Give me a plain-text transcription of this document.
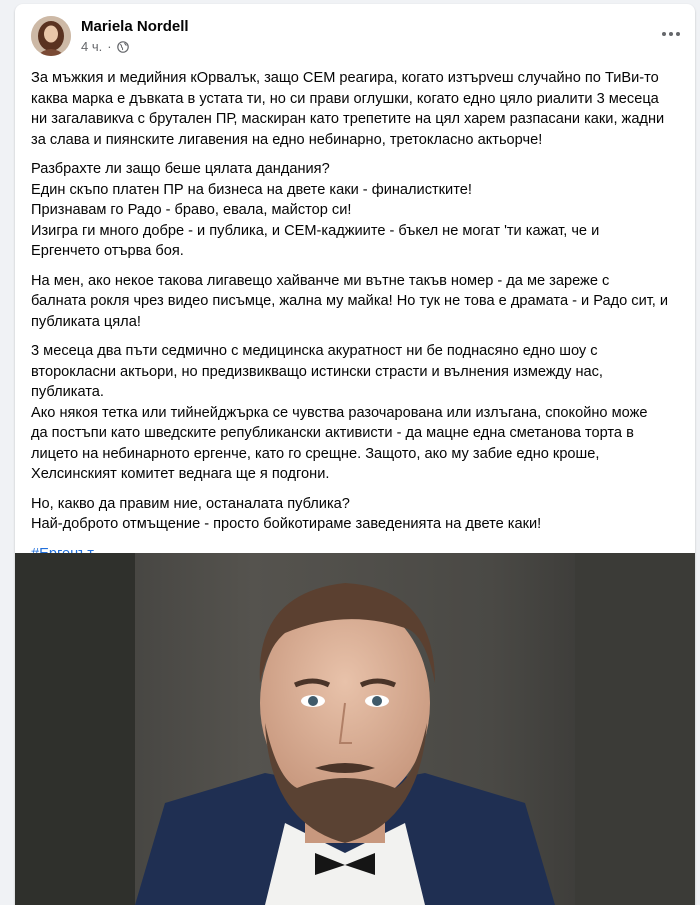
Mariela Nordell
4 ч. ·
За мъжкия и медийния кОрвалък, защо СЕМ реагира, когато изтърveш случайно по ТиВи-то
каква марка е дъвката в устата ти, но си прави оглушки, когато едно цяло риалити 3 месеца
ни загалавикva с брутален ПР, маскиран като трепетите на цял харем разпасани каки, жадни
за слава и пиянските лигавения на едно небинарно, третокласно актьорче!
Разбрахте ли защо беше цялата дандания?
Един скъпо платен ПР на бизнеса на двете каки - финалистките!
Признавам го Радо - браво, евала, майстор си!
Изигра ги много добре - и публика, и СЕМ-каджиите - бъкел не могат 'ти кажат, че и
Ергенчето отърва боя.
На мен, ако некое такова лигавещо хайванче ми вътне такъв номер - да ме зареже с
балната рокля чрез видео писъмце, жална му майка! Но тук не това е драмата - и Радо сит, и
публиката цяла!
3 месеца два пъти седмично с медицинска акуратност ни бе поднасяно едно шоу с
второкласни актьори, но предизвикващо истински страсти и вълнения измежду нас,
публиката.
Ако някоя тетка или тийнейджърка се чувства разочарована или излъгана, спокойно може
да постъпи като шведските републикански активисти - да мацне една сметанова торта в
лицето на небинарното ергенче, като го срещне. Защото, ако му забие едно кроше,
Хелсинският комитет веднага ще я подгони.
Но, какво да правим ние, останалата публика?
Най-доброто отмъщение - просто бойкотираме заведенията на двете каки!
